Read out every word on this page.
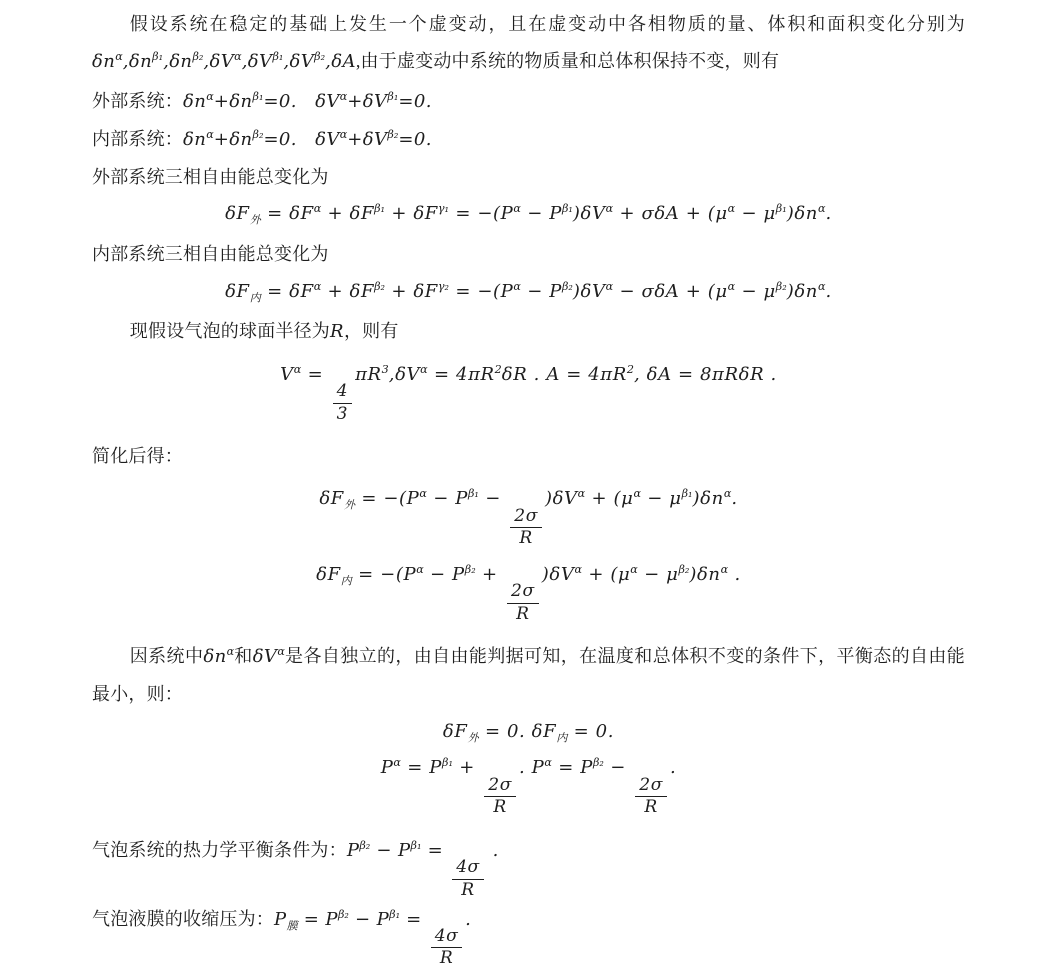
假设系统在稳定的基础上发生一个虚变动，且在虚变动中各相物质的量、体积和面积变化分别为$\delta n^\alpha,\delta n^{\beta_1},\delta n^{\beta_2},\delta V^\alpha,\delta V^{\beta_1},\delta V^{\beta_2},\delta A$,由于虚变动中系统的物质量和总体积保持不变，则有

外部系统：$\delta n^\alpha+\delta n^{\beta_1}=0$.　 $\delta V^\alpha+\delta V^{\beta_1}=0$.

内部系统：$\delta n^\alpha+\delta n^{\beta_2}=0$.　 $\delta V^\alpha+\delta V^{\beta_2}=0$.

外部系统三相自由能总变化为

$\delta F_外 = \delta F^\alpha + \delta F^{\beta_1} + \delta F^{\gamma_1} = -(P^\alpha - P^{\beta_1})\delta V^\alpha + \sigma\delta A + (\mu^\alpha - \mu^{\beta_1})\delta n^\alpha$.

内部系统三相自由能总变化为

$\delta F_内 = \delta F^\alpha + \delta F^{\beta_2} + \delta F^{\gamma_2} = -(P^\alpha - P^{\beta_2})\delta V^\alpha - \sigma\delta A + (\mu^\alpha - \mu^{\beta_2})\delta n^\alpha$.

现假设气泡的球面半径为R，则有

$V^\alpha$ =
$\frac{4}{3}$
$\pi R^3,\delta V^\alpha = 4\pi R^2\delta R$ . $A = 4\pi R^2$, δA = 8πRδR .

简化后得：

$\delta F_外 = -(P^\alpha - P^{\beta_1}$ −
$\frac{2\sigma}{R}$
)$\delta V^\alpha + (\mu^\alpha - \mu^{\beta_1})\delta n^\alpha$.

$\delta F_内 = -(P^\alpha - P^{\beta_2}$ +
$\frac{2\sigma}{R}$
)$\delta V^\alpha + (\mu^\alpha - \mu^{\beta_2})\delta n^\alpha$ .

因系统中$\delta n^\alpha$和$\delta V^\alpha$是各自独立的，由自由能判据可知，在温度和总体积不变的条件下，平衡态的自由能最小，则：

$\delta F_外 = 0$. $\delta F_内 = 0$.

$P^\alpha = P^{\beta_1}$ +
$\frac{2\sigma}{R}$
. $P^\alpha = P^{\beta_2}$ −
$\frac{2\sigma}{R}$
.

气泡系统的热力学平衡条件为：$P^{\beta_2} - P^{\beta_1}$ =
$\frac{4\sigma}{R}$
.

气泡液膜的收缩压为：$P_膜 = P^{\beta_2} - P^{\beta_1}$ =
$\frac{4\sigma}{R}$
.
